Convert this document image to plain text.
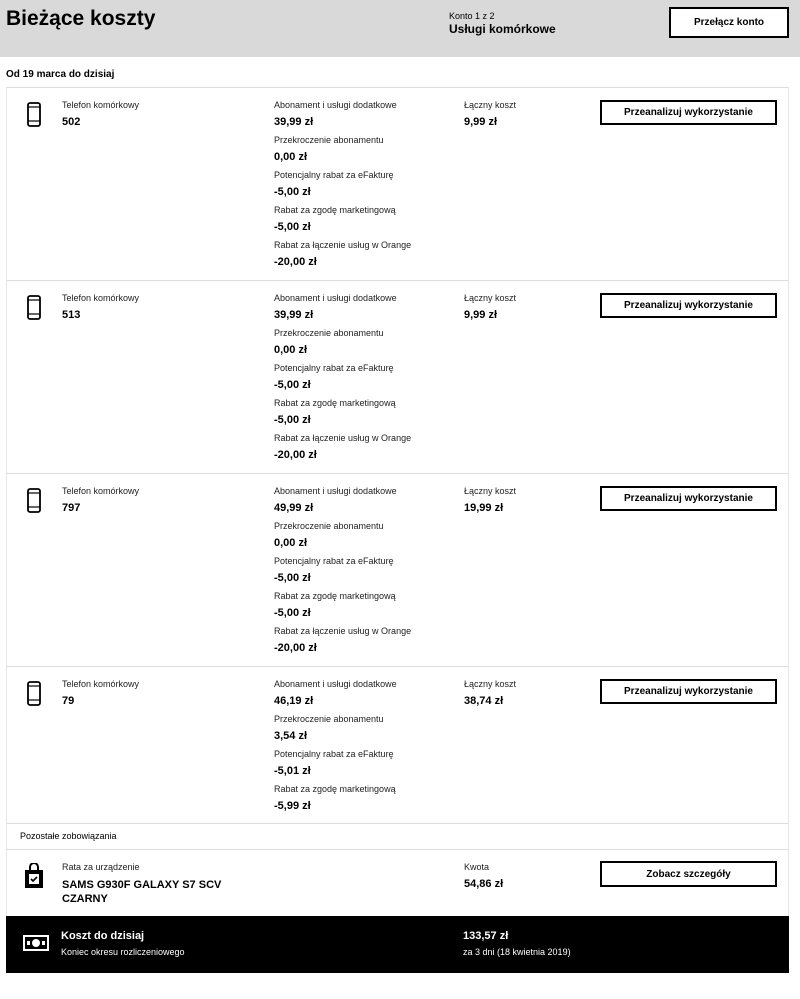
Bieżące koszty	Konto 1 z 2
Usługi komórkowe	Przełącz konto
Od 19 marca do dzisiaj
Telefon komórkowy
502
Abonament i usługi dodatkowe
39,99 zł
Przekroczenie abonamentu
0,00 zł
Potencjalny rabat za eFakturę
-5,00 zł
Rabat za zgodę marketingową
-5,00 zł
Rabat za łączenie usług w Orange
-20,00 zł
Łączny koszt
9,99 zł
Przeanalizuj wykorzystanie
Telefon komórkowy
513
Abonament i usługi dodatkowe
39,99 zł
Przekroczenie abonamentu
0,00 zł
Potencjalny rabat za eFakturę
-5,00 zł
Rabat za zgodę marketingową
-5,00 zł
Rabat za łączenie usług w Orange
-20,00 zł
Łączny koszt
9,99 zł
Przeanalizuj wykorzystanie
Telefon komórkowy
797
Abonament i usługi dodatkowe
49,99 zł
Przekroczenie abonamentu
0,00 zł
Potencjalny rabat za eFakturę
-5,00 zł
Rabat za zgodę marketingową
-5,00 zł
Rabat za łączenie usług w Orange
-20,00 zł
Łączny koszt
19,99 zł
Przeanalizuj wykorzystanie
Telefon komórkowy
79
Abonament i usługi dodatkowe
46,19 zł
Przekroczenie abonamentu
3,54 zł
Potencjalny rabat za eFakturę
-5,01 zł
Rabat za zgodę marketingową
-5,99 zł
Łączny koszt
38,74 zł
Przeanalizuj wykorzystanie
Pozostałe zobowiązania
Rata za urządzenie
SAMS G930F GALAXY S7 SCV CZARNY
Kwota
54,86 zł
Zobacz szczegóły
Koszt do dzisiaj
Koniec okresu rozliczeniowego
133,57 zł
za 3 dni (18 kwietnia 2019)
